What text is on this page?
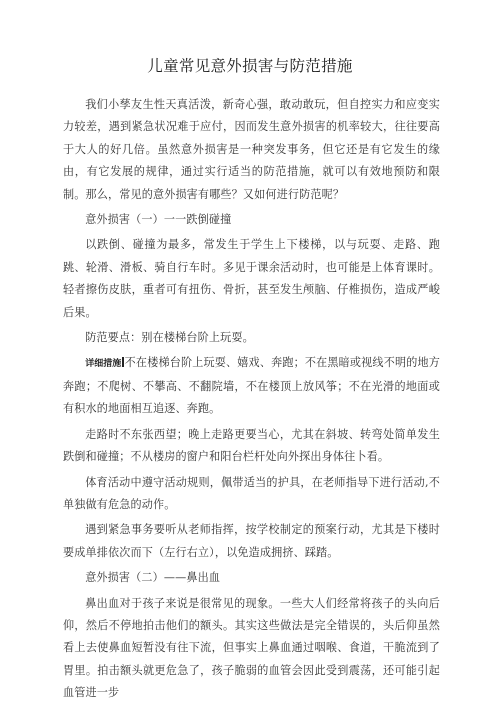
儿童常见意外损害与防范措施

我们小孳友生性天真活泼，新奇心强，敢动敢玩，但自控实力和应变实力较差，遇到紧急状况难于应付，因而发生意外损害的机率较大，往往要高于大人的好几倍。虽然意外损害是一种突发事务，但它还是有它发生的缘由，有它发展的规律，通过实行适当的防范措施，就可以有效地预防和限制。那么，常见的意外损害有哪些？又如何进行防范呢？

意外损害（一）一一跌倒碰撞

以跌倒、碰撞为最多，常发生于学生上下楼梯，以与玩耍、走路、跑跳、轮滑、滑板、骑自行车时。多见于课余活动时，也可能是上体育课时。轻者擦伤皮肤，重者可有扭伤、骨折，甚至发生颅脑、仔椎损伤，造成严峻后果。

防范要点：别在楼梯台阶上玩耍。

详细措施 不在楼梯台阶上玩耍、嬉戏、奔跑；不在黑暗或视线不明的地方奔跑；不爬树、不攀高、不翻院墙，不在楼顶上放风筝；不在光滑的地面或有积水的地面相互追逐、奔跑。

走路时不东张西望；晚上走路更要当心，尤其在斜坡、转弯处简单发生跌倒和碰撞；不从楼房的窗户和阳台栏杆处向外探出身体往卜看。

体育活动中遵守活动规则，佩带适当的护具，在老师指导下进行活动,不单独做有危急的动作。

遇到紧急事务要听从老师指挥，按学校制定的预案行动，尤其是下楼时要成单排依次而下（左行右立），以免造成拥挤、踩踏。

意外损害（二）——鼻出血

鼻出血对于孩子来说是很常见的现象。一些大人们经常将孩子的头向后仰，然后不停地拍击他们的额头。其实这些做法是完全错误的，头后仰虽然看上去使鼻血短暂没有往下流，但事实上鼻血通过咽喉、食道，干脆流到了胃里。拍击额头就更危急了，孩子脆弱的血管会因此受到震荡，还可能引起血管进一步
